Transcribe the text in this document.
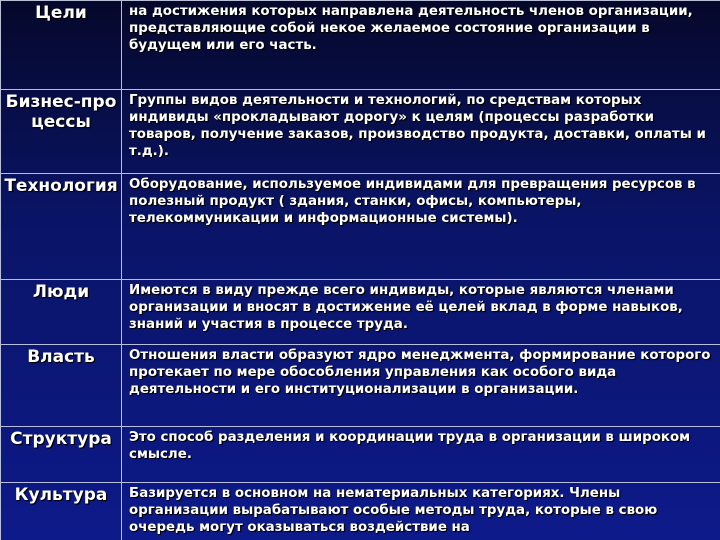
Цели	на достижения которых направлена деятельность членов организации, представляющие собой некое желаемое состояние организации в будущем или его часть.
Бизнес-процессы	Группы видов деятельности и технологий, по средствам которых индивиды «прокладывают дорогу» к целям (процессы разработки товаров, получение заказов, производство продукта, доставки, оплаты и т.д.).
Технология	Оборудование, используемое индивидами для превращения ресурсов в полезный продукт ( здания, станки, офисы, компьютеры, телекоммуникации и информационные системы).
Люди	Имеются в виду прежде всего индивиды, которые являются членами организации и вносят в достижение её целей вклад в форме навыков, знаний и участия в процессе труда.
Власть	Отношения власти образуют ядро менеджмента, формирование которого протекает по мере обособления управления как особого вида деятельности и его институционализации в организации.
Структура	Это способ разделения и координации труда в организации в широком смысле.
Культура	Базируется в основном на нематериальных категориях. Члены организации вырабатывают особые методы труда, которые в свою очередь могут оказываться воздействие на
